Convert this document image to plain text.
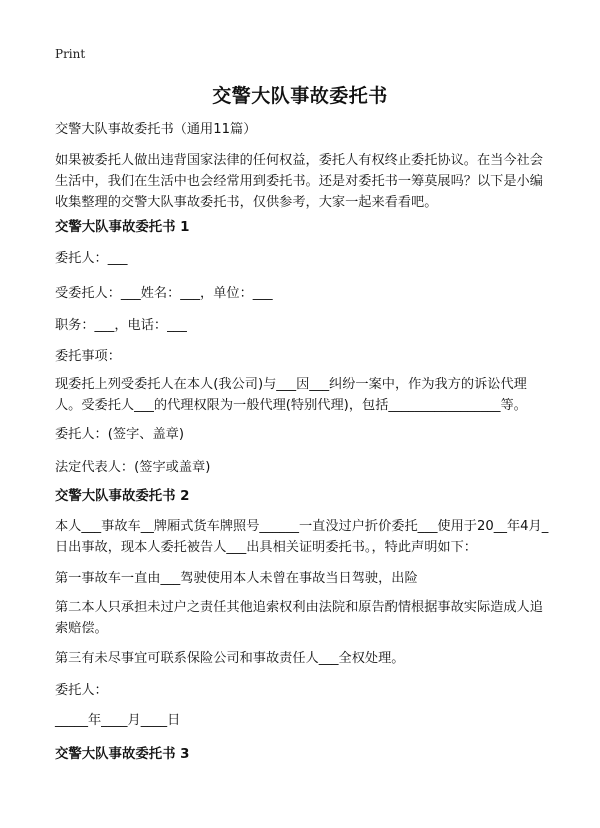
Print
交警大队事故委托书
交警大队事故委托书（通用11篇）
如果被委托人做出违背国家法律的任何权益，委托人有权终止委托协议。在当今社会生活中，我们在生活中也会经常用到委托书。还是对委托书一筹莫展吗？以下是小编收集整理的交警大队事故委托书，仅供参考，大家一起来看看吧。
交警大队事故委托书 1
委托人：___
受委托人：___姓名：___，单位：___
职务：___，电话：___
委托事项：
现委托上列受委托人在本人(我公司)与___因___纠纷一案中，作为我方的诉讼代理人。受委托人___的代理权限为一般代理(特别代理)，包括_________________等。
委托人：(签字、盖章)
法定代表人：(签字或盖章)
交警大队事故委托书 2
本人___事故车__牌厢式货车牌照号______一直没过户折价委托___使用于20__年4月_日出事故，现本人委托被告人___出具相关证明委托书。，特此声明如下：
第一事故车一直由___驾驶使用本人未曾在事故当日驾驶，出险
第二本人只承担未过户之责任其他追索权利由法院和原告酌情根据事故实际造成人追索赔偿。
第三有未尽事宜可联系保险公司和事故责任人___全权处理。
委托人：
_____年____月____日
交警大队事故委托书 3
